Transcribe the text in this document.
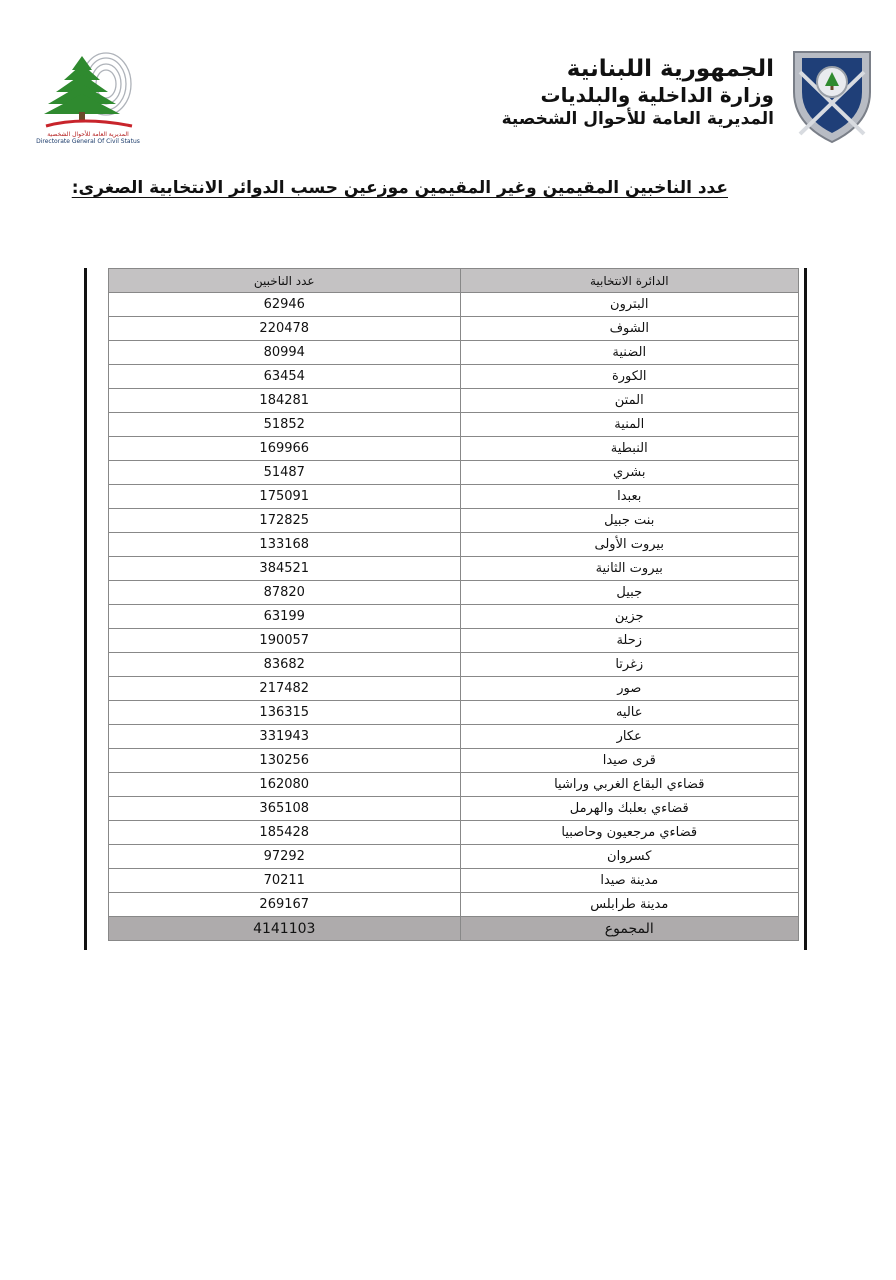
المديرية العامة للأحوال الشخصية
Directorate General Of Civil Status
الجمهورية اللبنانية
وزارة الداخلية والبلديات
المديرية العامة للأحوال الشخصية
عدد الناخبين المقيمين وغير المقيمين موزعين حسب الدوائر الانتخابية الصغرى:
عدد الناخبين	الدائرة الانتخابية
62946	البترون
220478	الشوف
80994	الضنية
63454	الكورة
184281	المتن
51852	المنية
169966	النبطية
51487	بشري
175091	بعبدا
172825	بنت جبيل
133168	بيروت الأولى
384521	بيروت الثانية
87820	جبيل
63199	جزين
190057	زحلة
83682	زغرتا
217482	صور
136315	عاليه
331943	عكار
130256	قرى صيدا
162080	قضاءي البقاع الغربي وراشيا
365108	قضاءي بعلبك والهرمل
185428	قضاءي مرجعيون وحاصبيا
97292	كسروان
70211	مدينة صيدا
269167	مدينة طرابلس
4141103	المجموع
